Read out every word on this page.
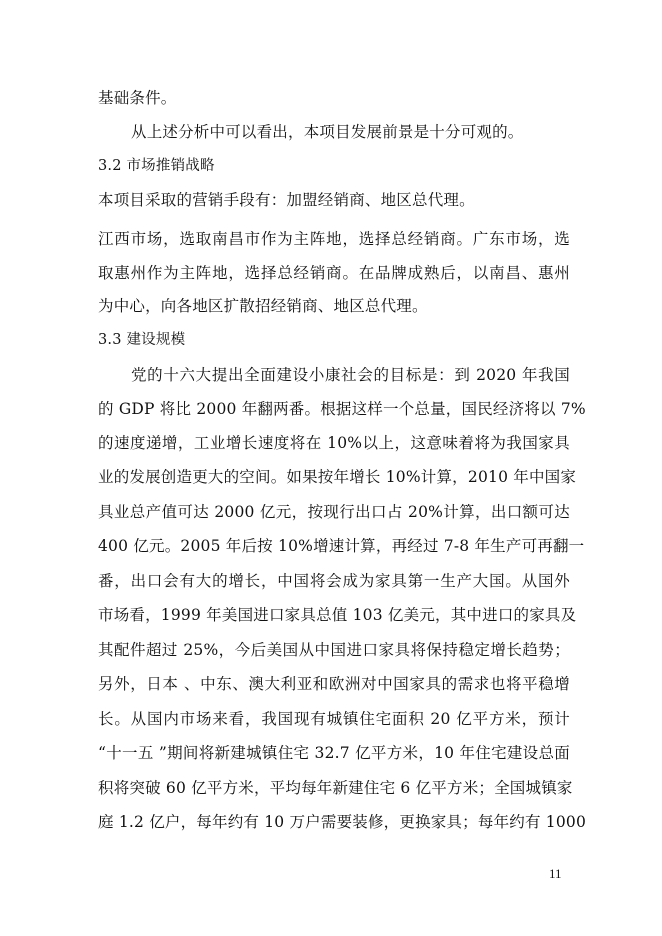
基础条件。
从上述分析中可以看出，本项目发展前景是十分可观的。
3.2 市场推销战略
本项目采取的营销手段有：加盟经销商、地区总代理。
江西市场，选取南昌市作为主阵地，选择总经销商。广东市场，选
取惠州作为主阵地，选择总经销商。在品牌成熟后，以南昌、惠州
为中心，向各地区扩散招经销商、地区总代理。
3.3 建设规模
党的十六大提出全面建设小康社会的目标是：到 2020 年我国
的 GDP 将比 2000 年翻两番。根据这样一个总量，国民经济将以 7%
的速度递增，工业增长速度将在 10%以上，这意味着将为我国家具
业的发展创造更大的空间。如果按年增长 10%计算，2010 年中国家
具业总产值可达 2000 亿元，按现行出口占 20%计算，出口额可达
400 亿元。2005 年后按 10%增速计算，再经过 7-8 年生产可再翻一
番，出口会有大的增长，中国将会成为家具第一生产大国。从国外
市场看，1999 年美国进口家具总值 103 亿美元，其中进口的家具及
其配件超过 25%，今后美国从中国进口家具将保持稳定增长趋势；
另外，日本 、中东、澳大利亚和欧洲对中国家具的需求也将平稳增
长。从国内市场来看，我国现有城镇住宅面积 20 亿平方米，预计
“十一五 ”期间将新建城镇住宅 32.7 亿平方米，10 年住宅建设总面
积将突破 60 亿平方米，平均每年新建住宅 6 亿平方米；全国城镇家
庭 1.2 亿户，每年约有 10 万户需要装修，更换家具；每年约有 1000
11
